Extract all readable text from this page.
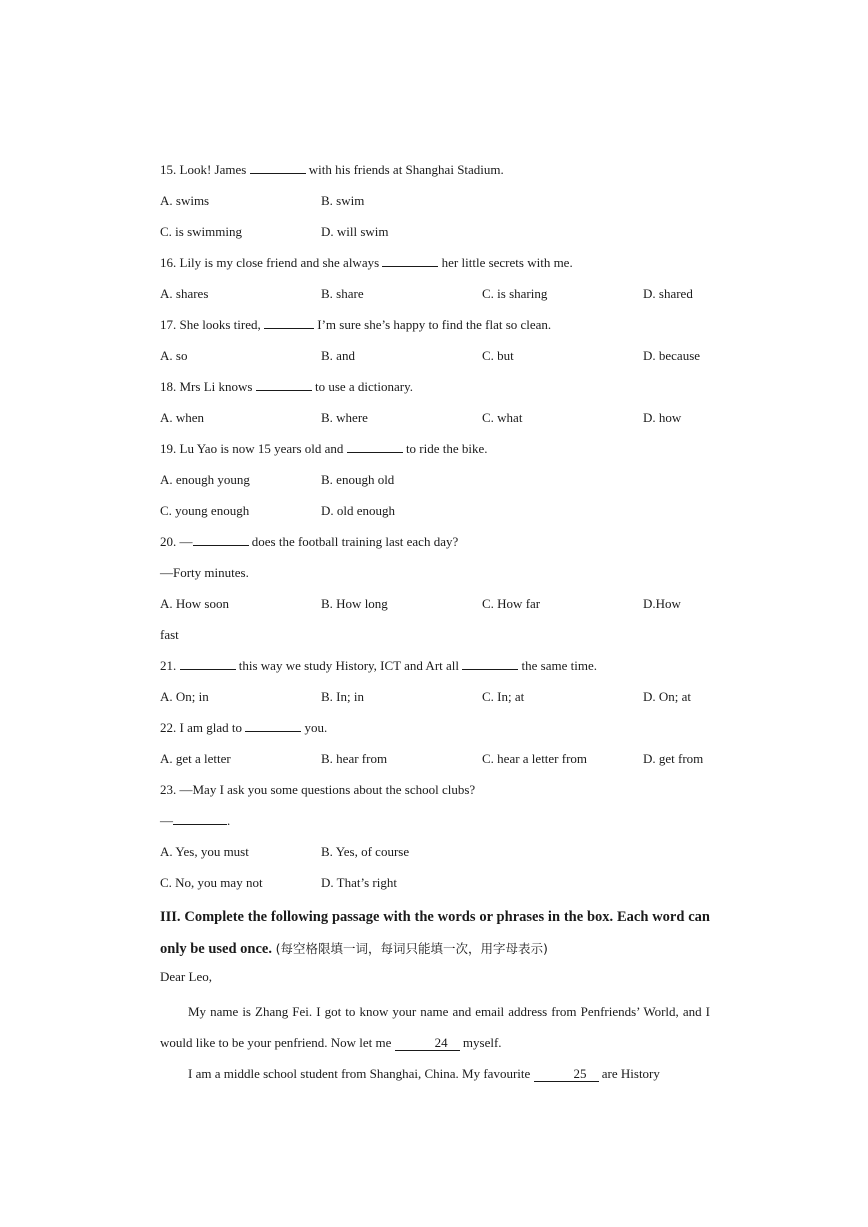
15. Look! James	with his friends at Shanghai Stadium.
A. swims	B. swim
C. is swimming	D. will swim
16. Lily is my close friend and she always	her little secrets with me.
A. shares	B. share	C. is sharing	D. shared
17. She looks tired,	I’m sure she’s happy to find the flat so clean.
A. so	B. and	C. but	D. because
18. Mrs Li knows	to use a dictionary.
A. when	B. where	C. what	D. how
19. Lu Yao is now 15 years old and	to ride the bike.
A. enough young	B. enough old
C. young enough	D. old enough
20. —	does the football training last each day?
—Forty minutes.
A. How soon	B. How long	C. How far	D. How
fast
21.	this way we study History, ICT and Art all	the same time.
A. On; in	B. In; in	C. In; at	D. On; at
22. I am glad to	you.
A. get a letter	B. hear from	C. hear a letter from	D. get from
23. —May I ask you some questions about the school clubs?
—	.
A. Yes, you must	B. Yes, of course
C. No, you may not	D. That’s right
III. Complete the following passage with the words or phrases in the box. Each word can only be used once. (每空格限填一词，每词只能填一次，用字母表示)
Dear Leo,
My name is Zhang Fei. I got to know your name and email address from Penfriends’ World, and I would like to be your penfriend. Now let me	24 myself.
I am a middle school student from Shanghai, China. My favourite	25 are History
